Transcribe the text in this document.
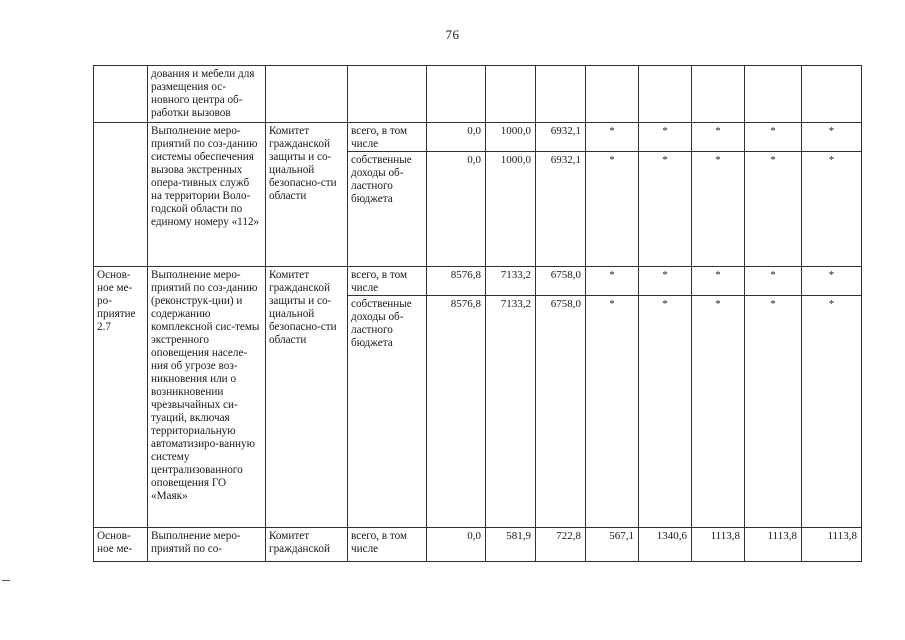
76
	дования и мебели для размещения ос-новного центра об-работки вызовов										
	Выполнение меро-приятий по соз-данию системы обеспечения вызова экстренных опера-тивных служб на территории Воло-годской области по единому номеру «112»	Комитет гражданской защиты и со-циальной безопасно-сти области	всего, в том числе	0,0	1000,0	6932,1	*	*	*	*	*
			собственные доходы об-ластного бюджета	0,0	1000,0	6932,1	*	*	*	*	*
Основ-ное ме-ро-приятие 2.7	Выполнение меро-приятий по соз-данию (реконструк-ции) и содержанию комплексной сис-темы экстренного оповещения населе-ния об угрозе воз-никновения или о возникновении чрезвычайных си-туаций, включая территориальную автоматизиро-ванную систему централизованного оповещения ГО «Маяк»	Комитет гражданской защиты и со-циальной безопасно-сти области	всего, в том числе	8576,8	7133,2	6758,0	*	*	*	*	*
			собственные доходы об-ластного бюджета	8576,8	7133,2	6758,0	*	*	*	*	*
Основ-ное ме-	Выполнение меро-приятий по со-	Комитет гражданской	всего, в том числе	0,0	581,9	722,8	567,1	1340,6	1113,8	1113,8	1113,8
